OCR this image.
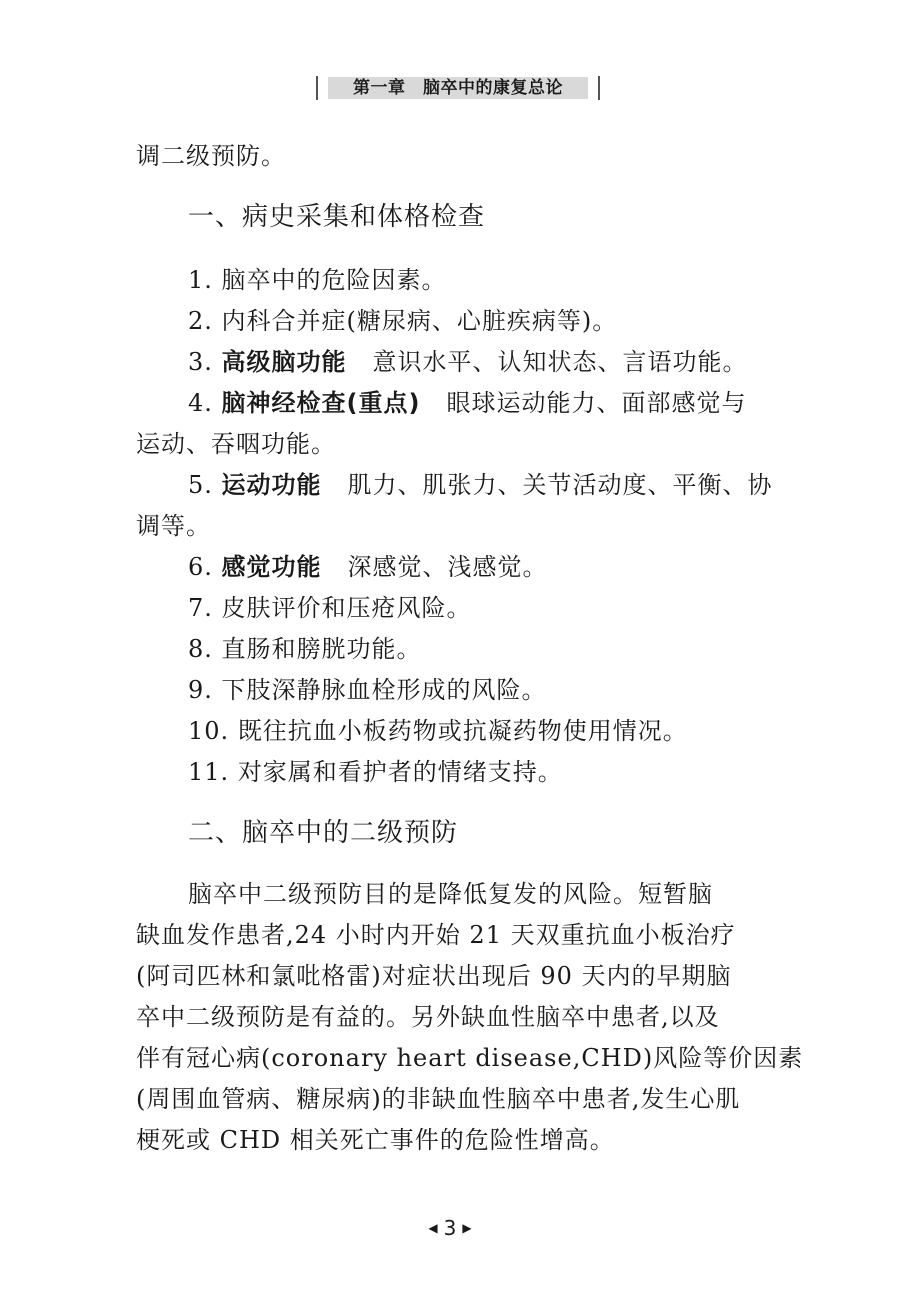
第一章　脑卒中的康复总论
调二级预防。
一、病史采集和体格检查
1. 脑卒中的危险因素。
2. 内科合并症(糖尿病、心脏疾病等)。
3. 高级脑功能 意识水平、认知状态、言语功能。
4. 脑神经检查(重点) 眼球运动能力、面部感觉与
运动、吞咽功能。
5. 运动功能 肌力、肌张力、关节活动度、平衡、协
调等。
6. 感觉功能 深感觉、浅感觉。
7. 皮肤评价和压疮风险。
8. 直肠和膀胱功能。
9. 下肢深静脉血栓形成的风险。
10. 既往抗血小板药物或抗凝药物使用情况。
11. 对家属和看护者的情绪支持。
二、脑卒中的二级预防
脑卒中二级预防目的是降低复发的风险。短暂脑
缺血发作患者,24 小时内开始 21 天双重抗血小板治疗
(阿司匹林和氯吡格雷)对症状出现后 90 天内的早期脑
卒中二级预防是有益的。另外缺血性脑卒中患者,以及
伴有冠心病(coronary heart disease,CHD)风险等价因素
(周围血管病、糖尿病)的非缺血性脑卒中患者,发生心肌
梗死或 CHD 相关死亡事件的危险性增高。
◀ 3 ▶
